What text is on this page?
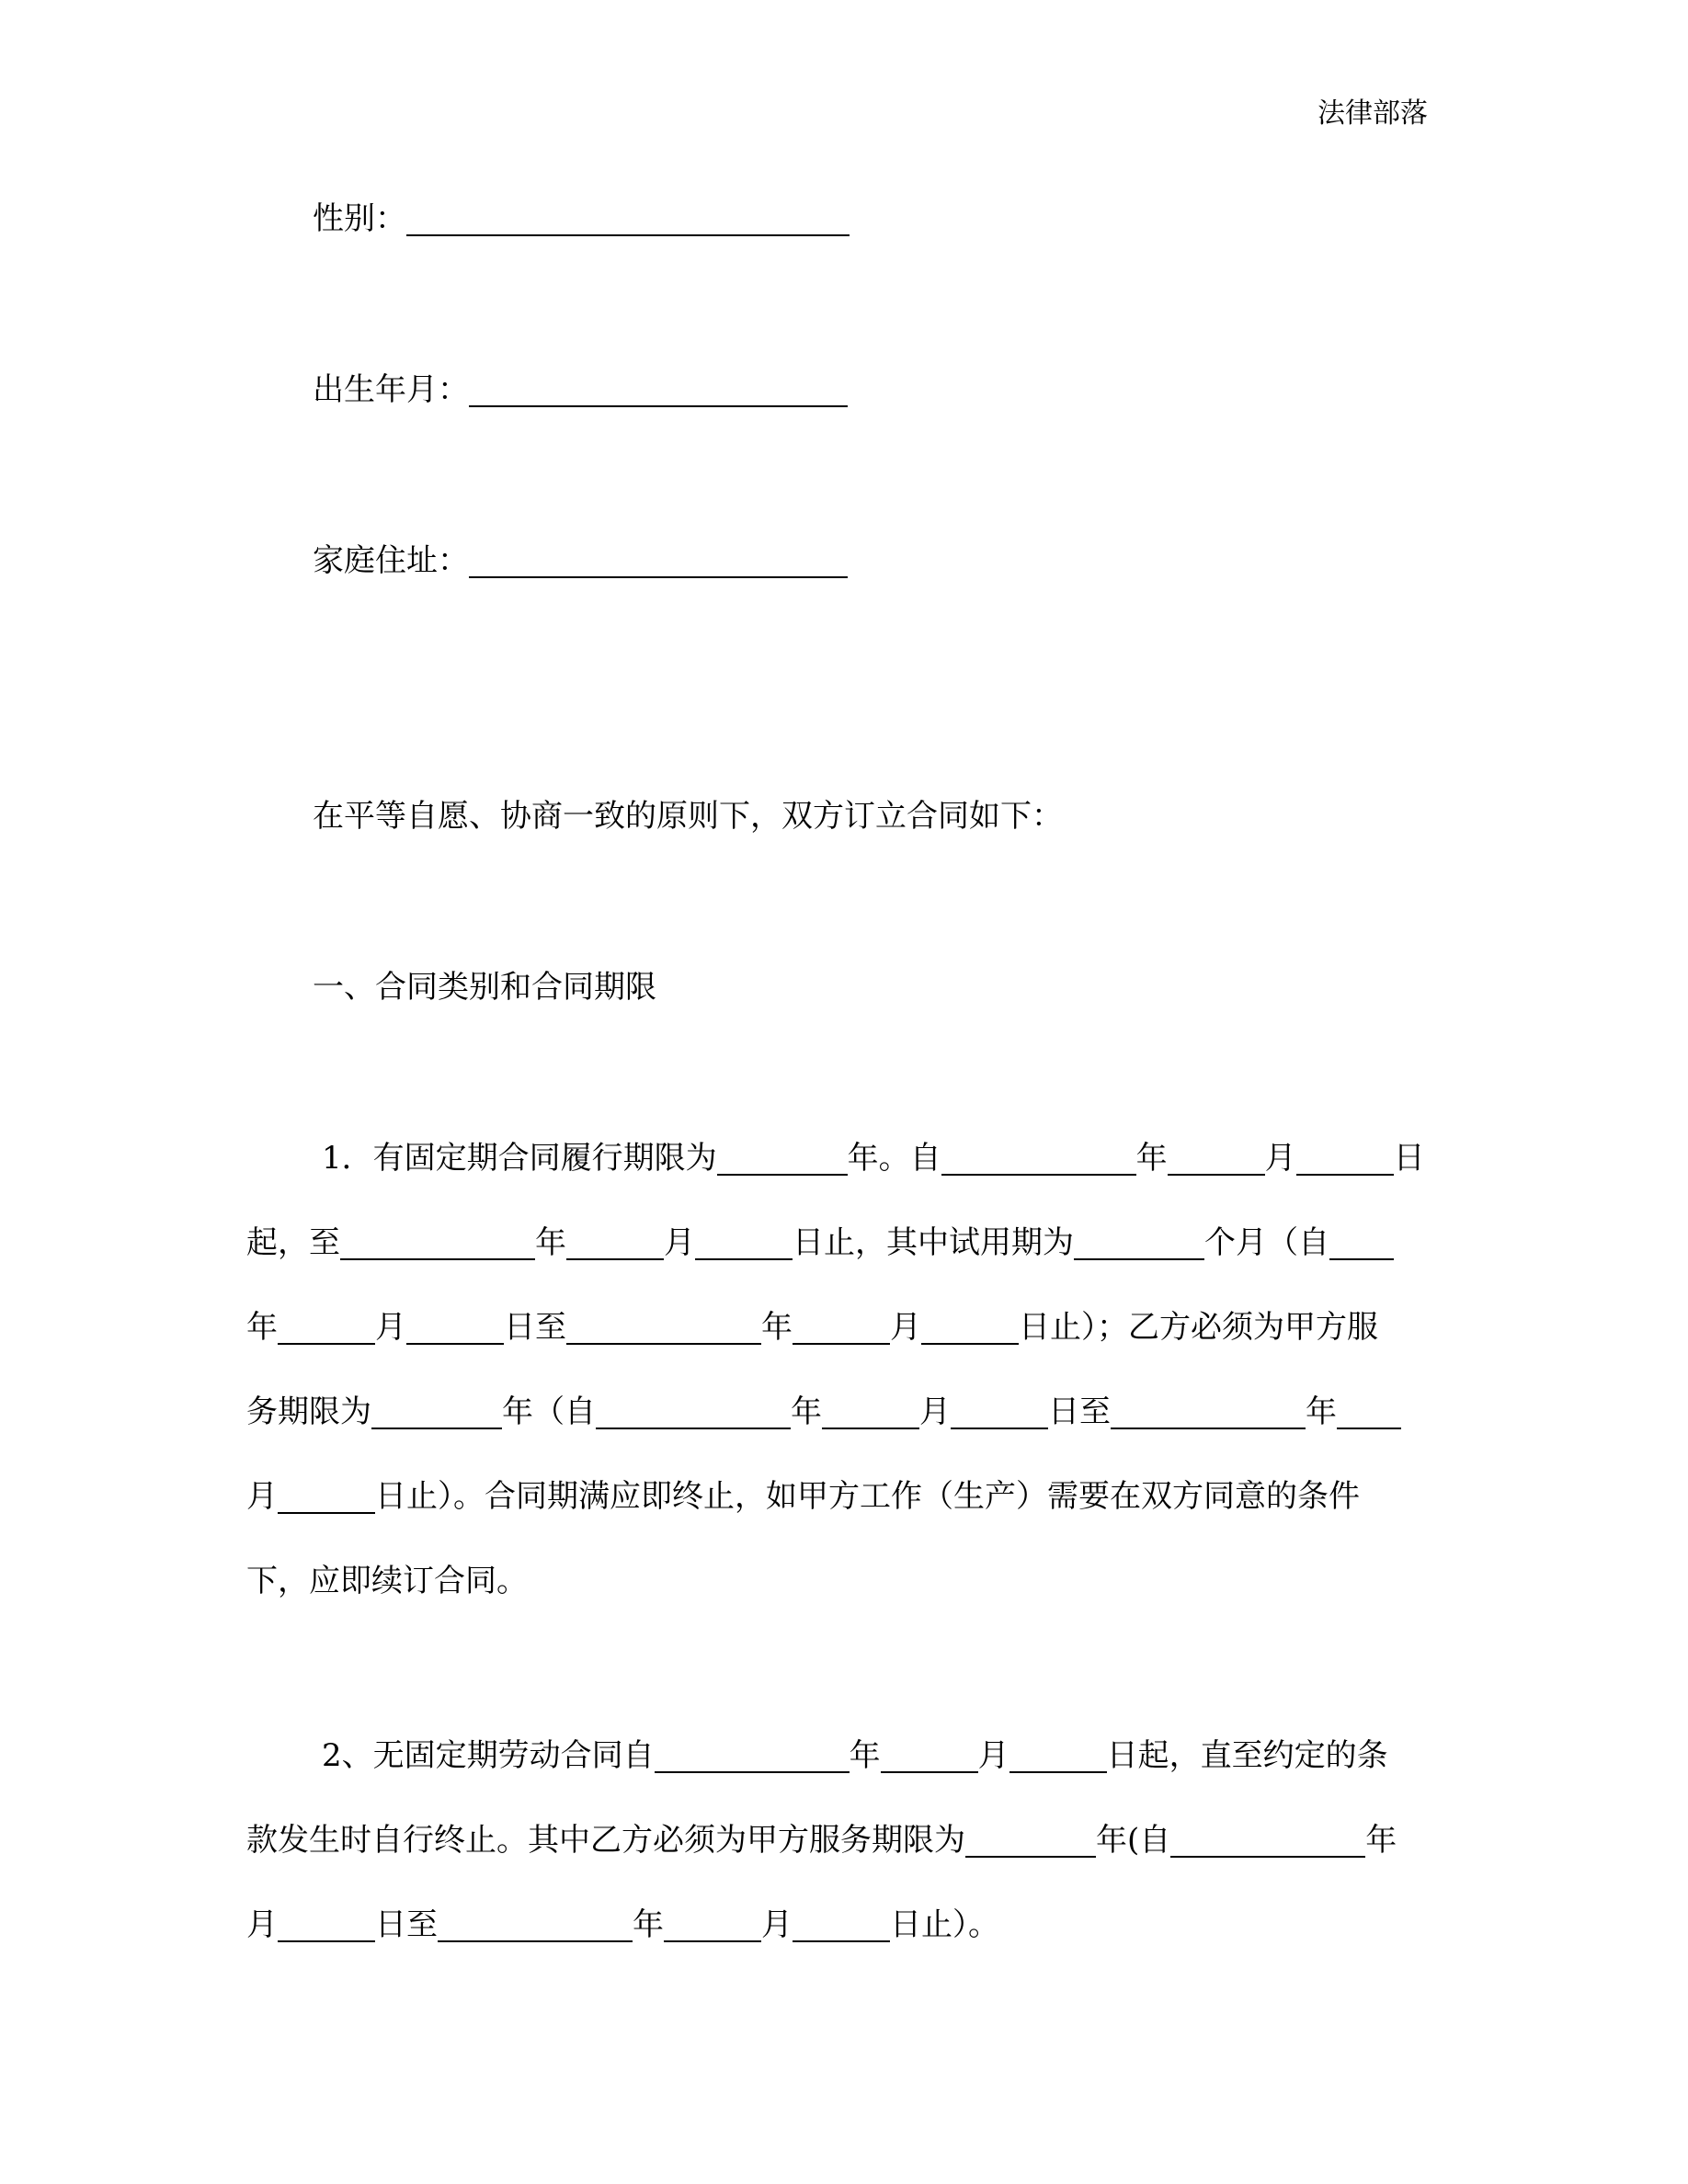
法律部落
性别：
出生年月：
家庭住址：
在平等自愿、协商一致的原则下，双方订立合同如下：
一、合同类别和合同期限
1．有固定期合同履行期限为	年。自	年	月	日
起，至	年	月	日止，其中试用期为	个月（自
年	月	日至	年	月	日止）；乙方必须为甲方服
务期限为	年（自	年	月	日至	年
月	日止）。合同期满应即终止，如甲方工作（生产）需要在双方同意的条件
下，应即续订合同。
2、无固定期劳动合同自	年	月	日起，直至约定的条
款发生时自行终止。其中乙方必须为甲方服务期限为	年(自	年
月	日至	年	月	日止）。
